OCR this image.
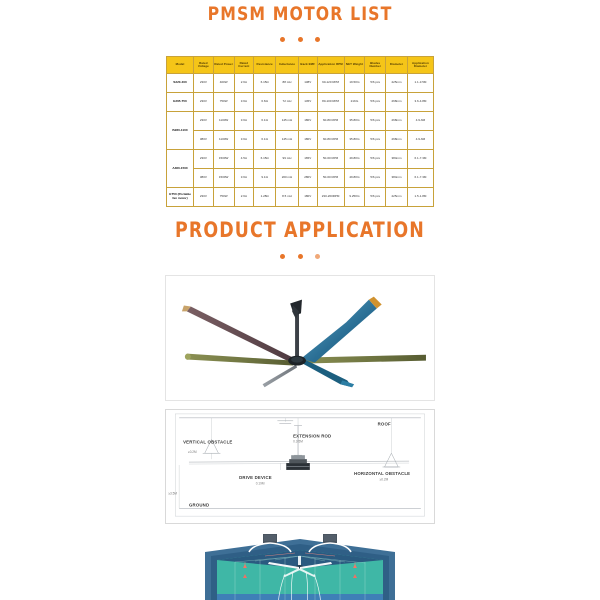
PMSM MOTOR LIST

Model	Rated Voltage	Rated Power	Rated Current	Resistance	Inductance	Back EMF	Application RPM	NET Weight	Blades Number	Diameter	Application Diameter
S220-400	230V	400W	2.6A	6.15Ω	88 mH	138V	90-120 RPM	19.5KG	5/6 pcs	225mm	1.1-3.5M
E265-750	230V	750W	3.6A	6.6Ω	72 mH	145V	80-100 RPM	21KG	5/6 pcs	268mm	3.6-4.8M
B280-1100	230V	1100W	3.6A	6.1Ω	145 mH	180V	60-80 RPM	35.8KG	5/6 pcs	268mm	4.9-6M
	380V	1100W	3.6A	6.1Ω	145 mH	180V	60-80 RPM	35.8KG	5/6 pcs	268mm	4.9-6M
A480-1500	230V	1500W	4.5A	6.15Ω	99 mH	165V	50-60 RPM	49.8KG	5/6 pcs	384mm	6.1-7.3M
	380V	1500W	3.6A	9.1Ω	200 mH	280V	50-60 RPM	49.8KG	5/6 pcs	384mm	6.1-7.3M
GT50 (Portable fan motor)	230V	750W	2.6A	1.28Ω	8.5 mH	180V	230-260RPM	9.25KG	5/6 pcs	225mm	1.5-1.8M
PRODUCT APPLICATION

EXTENSION ROD
0.3-5M
ROOF
VERTICAL OBSTACLE
≥0.2M
HORIZONTAL OBSTACLE
≥0.2M
DRIVE DEVICE
0.19M
≥3.5M
GROUND
